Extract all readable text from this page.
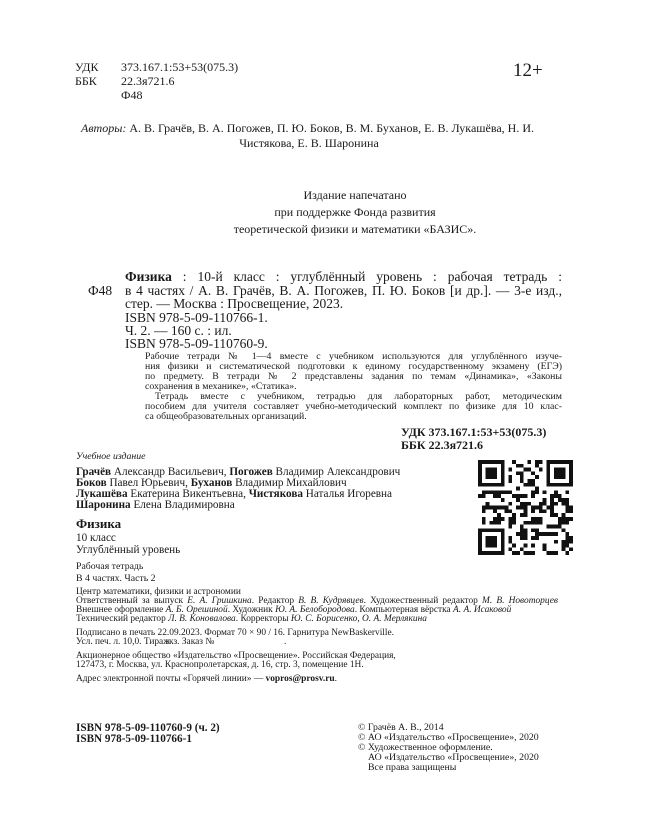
УДК 373.167.1:53+53(075.3)
ББК 22.3я721.6
Ф48
12+
Авторы: А. В. Грачёв, В. А. Погожев, П. Ю. Боков, В. М. Буханов, Е. В. Лукашёва, Н. И.
Чистякова, Е. В. Шаронина
Издание напечатано
при поддержке Фонда развития
теоретической физики и математики «БАЗИС».
Ф48
Физика : 10-й класс : углублённый уровень : рабочая тетрадь :
в 4 частях / А. В. Грачёв, В. А. Погожев, П. Ю. Боков [и др.]. — 3-е изд.,
стер. — Москва : Просвещение, 2023.
ISBN 978-5-09-110766-1.
Ч. 2. — 160 с. : ил.
ISBN 978-5-09-110760-9.
Рабочие тетради № 1—4 вместе с учебником используются для углублённого изуче-
ния физики и систематической подготовки к единому государственному экзамену (ЕГЭ)
по предмету. В тетради № 2 представлены задания по темам «Динамика», «Законы
сохранения в механике», «Статика».
Тетрадь вместе с учебником, тетрадью для лабораторных работ, методическим
пособием для учителя составляет учебно-методический комплект по физике для 10 клас-
са общеобразовательных организаций.
УДК 373.167.1:53+53(075.3)
ББК 22.3я721.6
Учебное издание
Грачёв Александр Васильевич, Погожев Владимир Александрович
Боков Павел Юрьевич, Буханов Владимир Михайлович
Лукашёва Екатерина Викентьевна, Чистякова Наталья Игоревна
Шаронина Елена Владимировна
Физика
10 класс
Углублённый уровень
Рабочая тетрадь
В 4 частях. Часть 2
Центр математики, физики и астрономии
Ответственный за выпуск Е. А. Гришкина. Редактор В. В. Кудрявцев. Художественный редактор М. В. Новоторцев
Внешнее оформление А. Б. Орешиной. Художник Ю. А. Белобородова. Компьютерная вёрстка А. А. Исаковой
Технический редактор Л. В. Коновалова. Корректоры Ю. С. Борисенко, О. А. Мерлякина
Подписано в печать 22.09.2023. Формат 70 × 90 / 16. Гарнитура NewBaskerville.
Усл. печ. л. 10,0. Тираж
экз. Заказ №	.
Акционерное общество «Издательство «Просвещение». Российская Федерация,
127473, г. Москва, ул. Краснопролетарская, д. 16, стр. 3, помещение 1Н.
Адрес электронной почты «Горячей линии» — vopros@prosv.ru.
ISBN 978-5-09-110760-9 (ч. 2)
ISBN 978-5-09-110766-1
© Грачёв А. В., 2014
© АО «Издательство «Просвещение», 2020
© Художественное оформление.
АО «Издательство «Просвещение», 2020
Все права защищены
